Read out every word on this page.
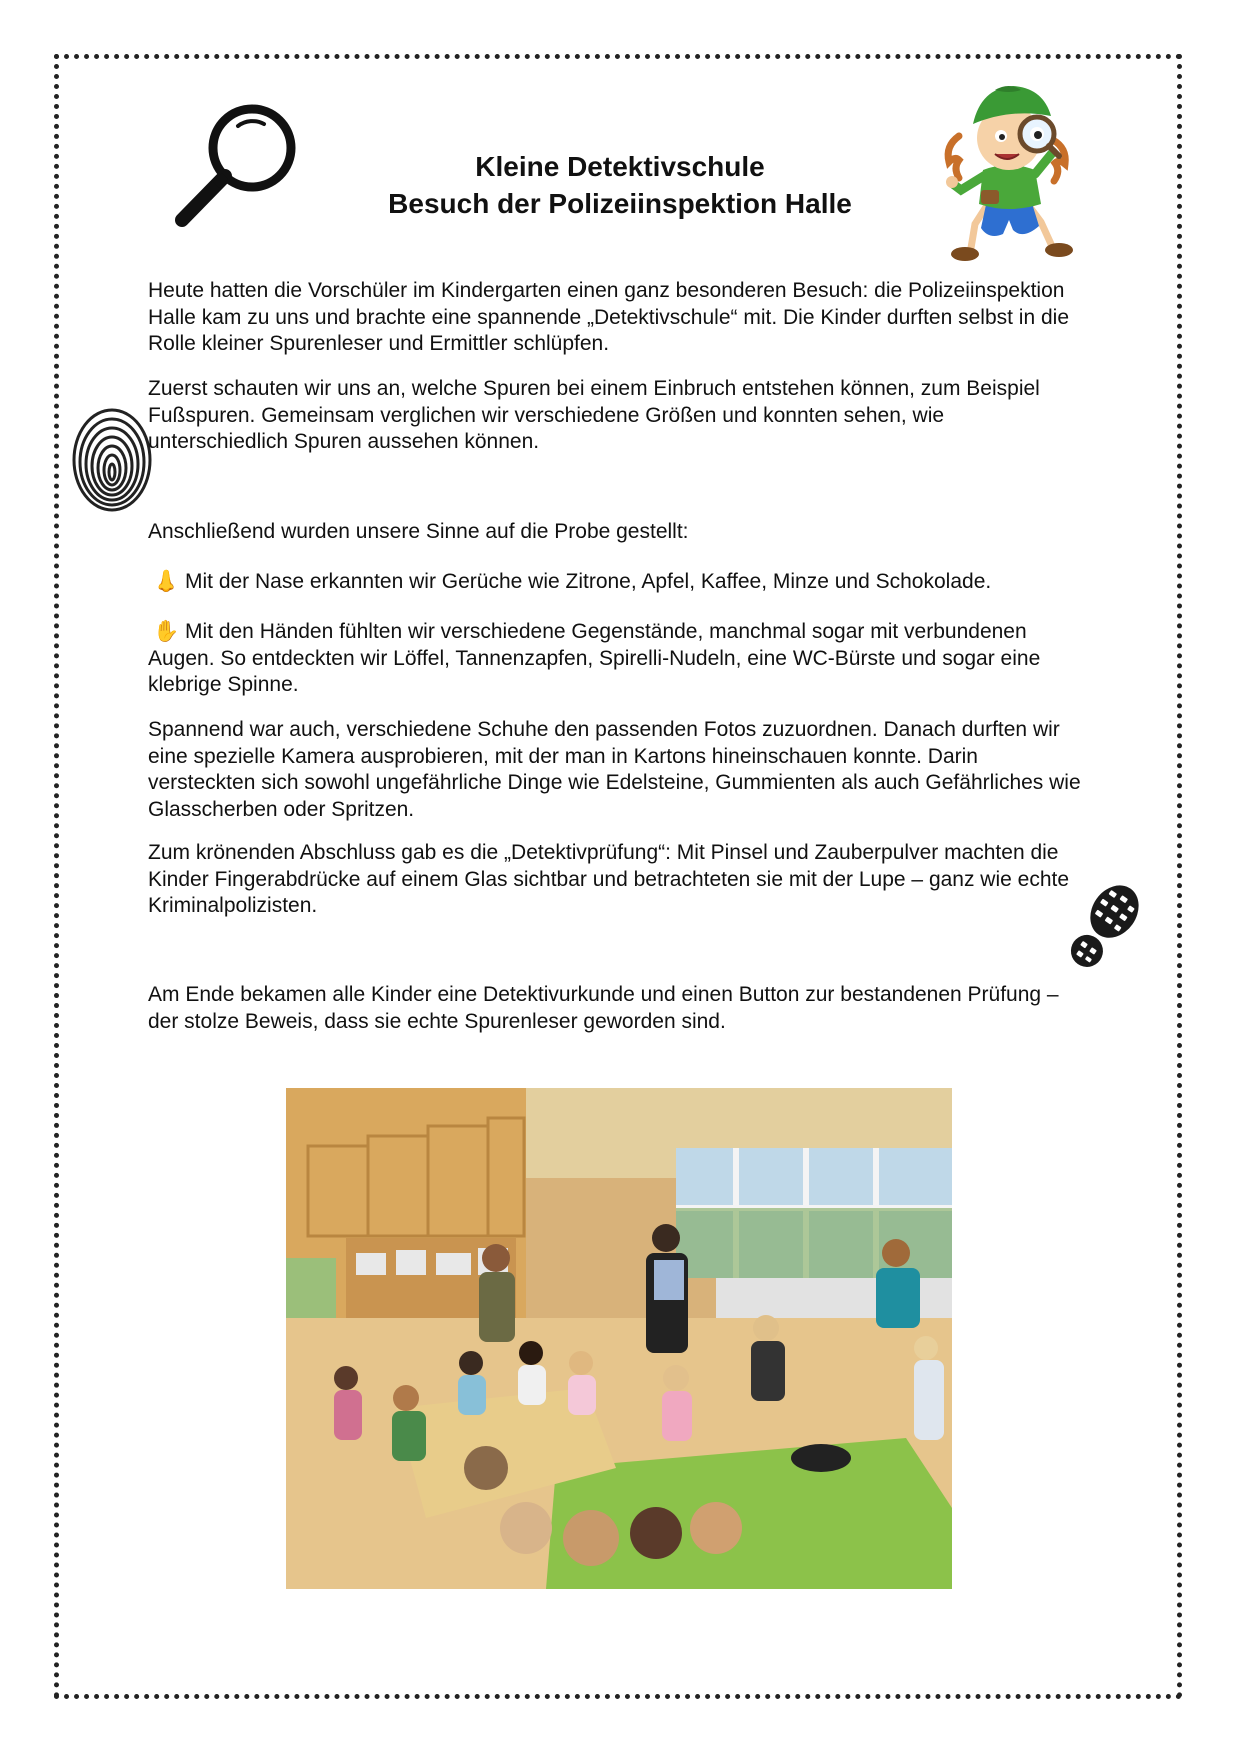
Kleine Detektivschule
Besuch der Polizeiinspektion Halle

Heute hatten die Vorschüler im Kindergarten einen ganz besonderen Besuch: die Polizeiinspektion Halle kam zu uns und brachte eine spannende „Detektivschule“ mit. Die Kinder durften selbst in die Rolle kleiner Spurenleser und Ermittler schlüpfen.

Zuerst schauten wir uns an, welche Spuren bei einem Einbruch entstehen können, zum Beispiel Fußspuren. Gemeinsam verglichen wir verschiedene Größen und konnten sehen, wie unterschiedlich Spuren aussehen können.

Anschließend wurden unsere Sinne auf die Probe gestellt:

👃 Mit der Nase erkannten wir Gerüche wie Zitrone, Apfel, Kaffee, Minze und Schokolade.

✋ Mit den Händen fühlten wir verschiedene Gegenstände, manchmal sogar mit verbundenen Augen. So entdeckten wir Löffel, Tannenzapfen, Spirelli-Nudeln, eine WC-Bürste und sogar eine klebrige Spinne.

Spannend war auch, verschiedene Schuhe den passenden Fotos zuzuordnen. Danach durften wir eine spezielle Kamera ausprobieren, mit der man in Kartons hineinschauen konnte. Darin versteckten sich sowohl ungefährliche Dinge wie Edelsteine, Gummienten als auch Gefährliches wie Glasscherben oder Spritzen.

Zum krönenden Abschluss gab es die „Detektivprüfung“: Mit Pinsel und Zauberpulver machten die Kinder Fingerabdrücke auf einem Glas sichtbar und betrachteten sie mit der Lupe – ganz wie echte Kriminalpolizisten.

Am Ende bekamen alle Kinder eine Detektivurkunde und einen Button zur bestandenen Prüfung – der stolze Beweis, dass sie echte Spurenleser geworden sind.
